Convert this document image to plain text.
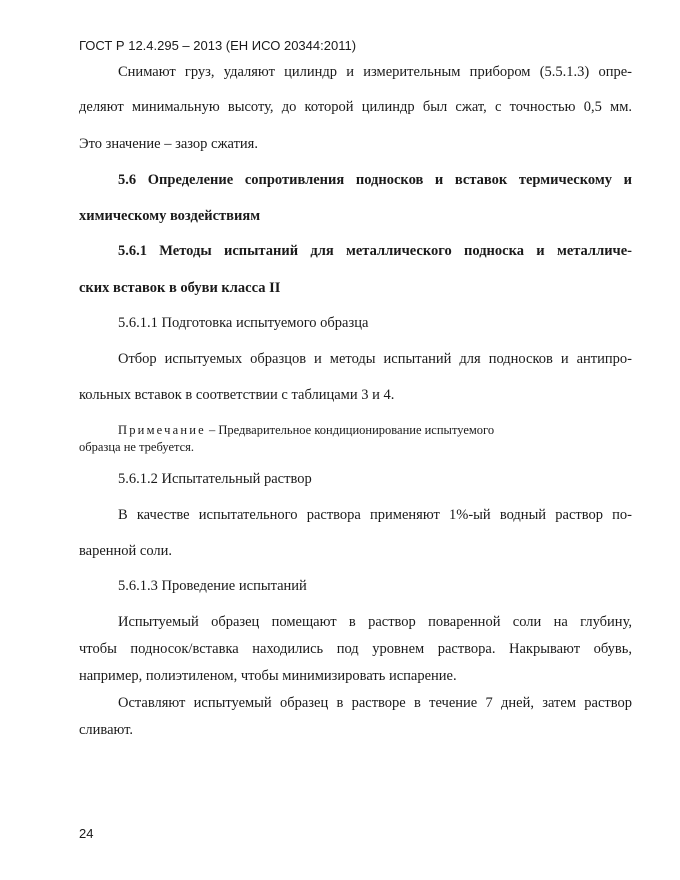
ГОСТ Р 12.4.295 – 2013 (ЕН ИСО 20344:2011)
Снимают груз, удаляют цилиндр и измерительным прибором (5.5.1.3) опре-
деляют минимальную высоту, до которой цилиндр был сжат, с точностью 0,5 мм.
Это значение – зазор сжатия.
5.6 Определение сопротивления подносков и вставок термическому и
химическому воздействиям
5.6.1 Методы испытаний для металлического подноска и металличе-
ских вставок в обуви класса II
5.6.1.1 Подготовка испытуемого образца
Отбор испытуемых образцов и методы испытаний для подносков и антипро-
кольных вставок в соответствии с таблицами 3 и 4.
Примечание – Предварительное кондиционирование испытуемого
образца не требуется.
5.6.1.2 Испытательный раствор
В качестве испытательного раствора применяют 1%-ый водный раствор по-
варенной соли.
5.6.1.3 Проведение испытаний
Испытуемый образец помещают в раствор поваренной соли на глубину,
чтобы подносок/вставка находились под уровнем раствора. Накрывают обувь,
например, полиэтиленом, чтобы минимизировать испарение.
Оставляют испытуемый образец в растворе в течение 7 дней, затем раствор
сливают.
24
